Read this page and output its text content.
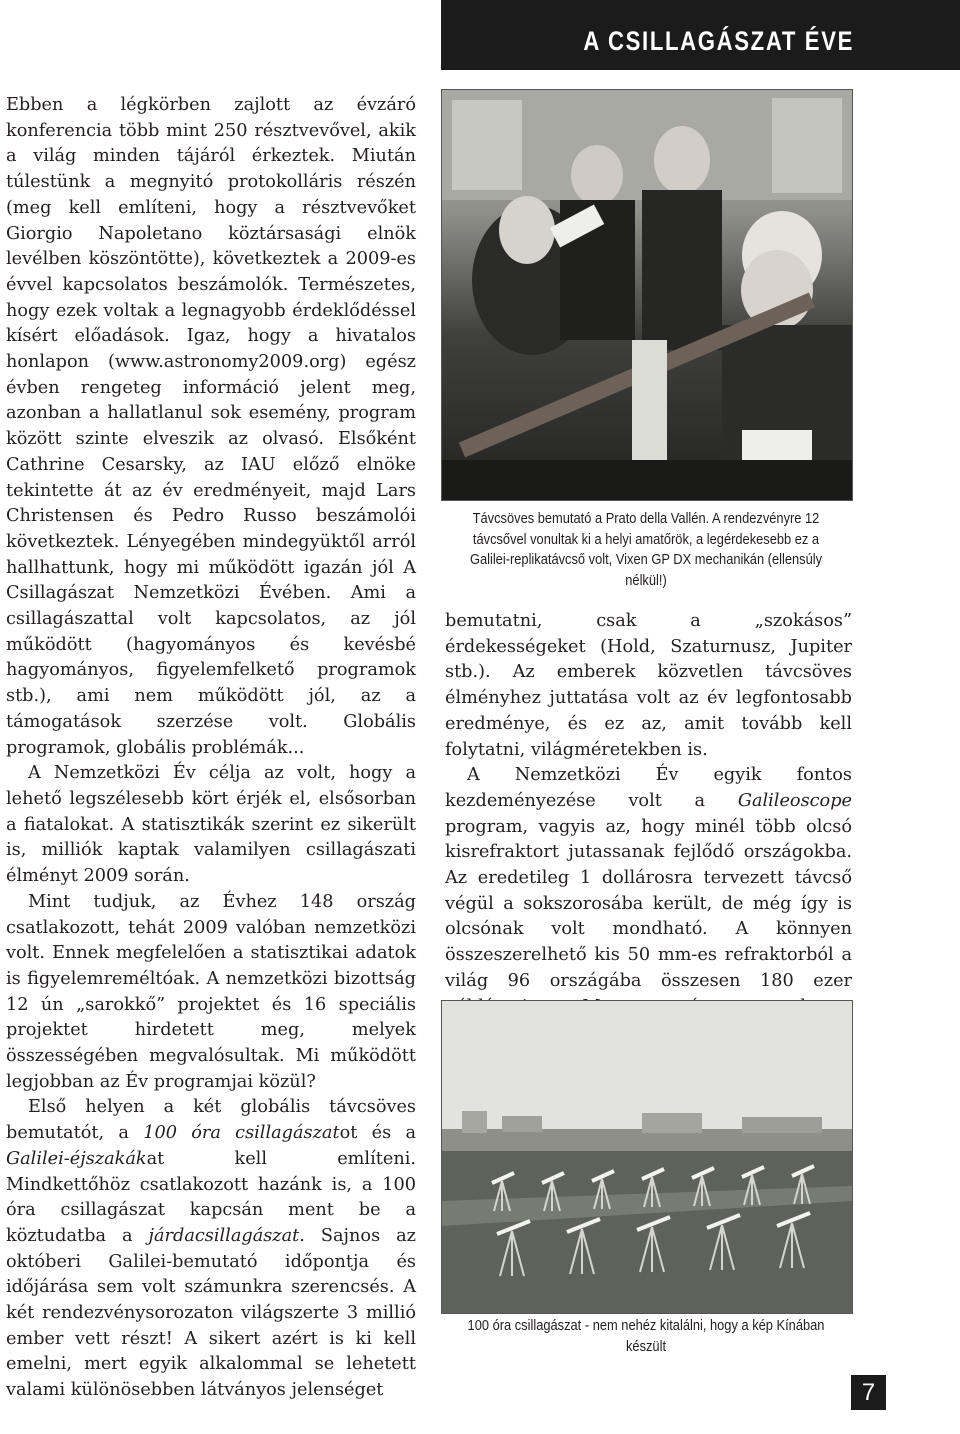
A CSILLAGÁSZAT ÉVE

Ebben a légkörben zajlott az évzáró konferencia több mint 250 résztvevővel, akik a világ minden tájáról érkeztek. Miután túlestünk a megnyitó protokolláris részén (meg kell említeni, hogy a résztvevőket Giorgio Napoletano köztársasági elnök levélben köszöntötte), következtek a 2009-es évvel kapcsolatos beszámolók. Természetes, hogy ezek voltak a legnagyobb érdeklődéssel kísért előadások. Igaz, hogy a hivatalos honlapon (www.astronomy2009.org) egész évben rengeteg információ jelent meg, azonban a hallatlanul sok esemény, program között szinte elveszik az olvasó. Elsőként Cathrine Cesarsky, az IAU előző elnöke tekintette át az év eredményeit, majd Lars Christensen és Pedro Russo beszámolói következtek. Lényegében mindegyüktől arról hallhattunk, hogy mi működött igazán jól A Csillagászat Nemzetközi Évében. Ami a csillagászattal volt kapcsolatos, az jól működött (hagyományos és kevésbé hagyományos, figyelemfelkető programok stb.), ami nem működött jól, az a támogatások szerzése volt. Globális programok, globális problémák...

A Nemzetközi Év célja az volt, hogy a lehető legszélesebb kört érjék el, elsősorban a fiatalokat. A statisztikák szerint ez sikerült is, milliók kaptak valamilyen csillagászati élményt 2009 során.

Mint tudjuk, az Évhez 148 ország csatlakozott, tehát 2009 valóban nemzetközi volt. Ennek megfelelően a statisztikai adatok is figyelemreméltóak. A nemzetközi bizottság 12 ún „sarokkő” projektet és 16 speciális projektet hirdetett meg, melyek összességében megvalósultak. Mi működött legjobban az Év programjai közül?

Első helyen a két globális távcsöves bemutatót, a 100 óra csillagászatot és a Galilei-éjszakákat kell említeni. Mindkettőhöz csatlakozott hazánk is, a 100 óra csillagászat kapcsán ment be a köztudatba a járdacsillagászat. Sajnos az októberi Galilei-bemutató időpontja és időjárása sem volt számunkra szerencsés. A két rendezvénysorozaton világszerte 3 millió ember vett részt! A sikert azért is ki kell emelni, mert egyik alkalommal se lehetett valami különösebben látványos jelenséget

Távcsöves bemutató a Prato della Vallén. A rendezvényre 12 távcsővel vonultak ki a helyi amatőrök, a legérdekesebb ez a Galilei-replikatávcső volt, Vixen GP DX mechanikán (ellensúly nélkül!)

bemutatni, csak a „szokásos” érdekességeket (Hold, Szaturnusz, Jupiter stb.). Az emberek közvetlen távcsöves élményhez juttatása volt az év legfontosabb eredménye, és ez az, amit tovább kell folytatni, világméretekben is.

A Nemzetközi Év egyik fontos kezdeményezése volt a Galileoscope program, vagyis az, hogy minél több olcsó kisrefraktort jutassanak fejlődő országokba. Az eredetileg 1 dollárosra tervezett távcső végül a sokszorosába került, de még így is olcsónak volt mondható. A könnyen összeszerelhető kis 50 mm-es refraktorból a világ 96 országába összesen 180 ezer

100 óra csillagászat - nem nehéz kitalálni, hogy a kép Kínában készült
7
